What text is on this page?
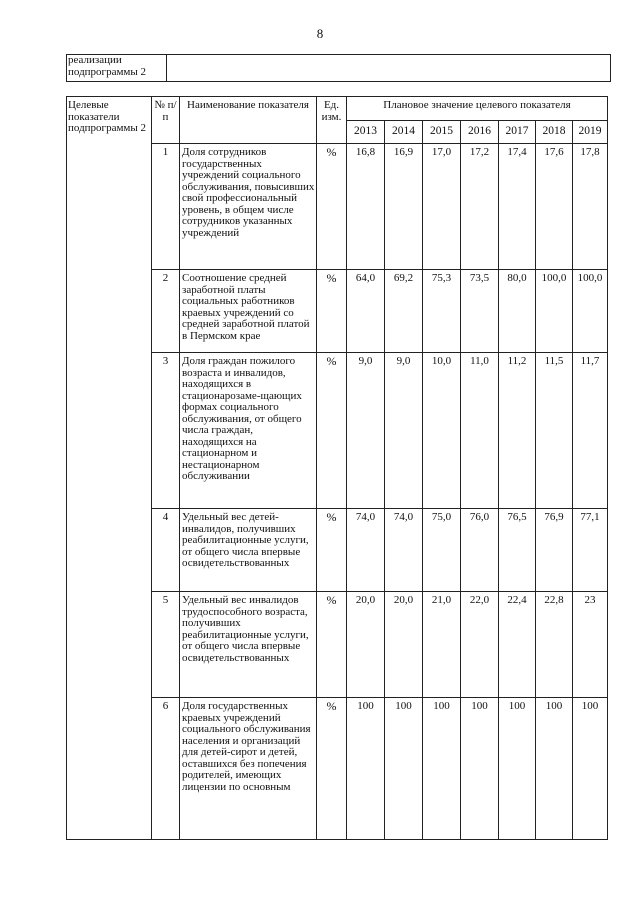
8
реализации подпрограммы 2	
Целевые показатели подпрограммы 2	№ п/п	Наименование показателя	Ед. изм.	Плановое значение целевого показателя						
				2013	2014	2015	2016	2017	2018	2019
	1	Доля сотрудников государственных учреждений социального обслуживания, повысивших свой профессиональный уровень, в общем числе сотрудников указанных учреждений	%	16,8	16,9	17,0	17,2	17,4	17,6	17,8
	2	Соотношение средней заработной платы социальных работников краевых учреждений со средней заработной платой в Пермском крае	%	64,0	69,2	75,3	73,5	80,0	100,0	100,0
	3	Доля граждан пожилого возраста и инвалидов, находящихся в стационарозаме-щающих формах социального обслуживания, от общего числа граждан, находящихся на стационарном и нестационарном обслуживании	%	9,0	9,0	10,0	11,0	11,2	11,5	11,7
	4	Удельный вес детей-инвалидов, получивших реабилитационные услуги, от общего числа впервые освидетельствованных	%	74,0	74,0	75,0	76,0	76,5	76,9	77,1
	5	Удельный вес инвалидов трудоспособного возраста, получивших реабилитационные услуги, от общего числа впервые освидетельствованных	%	20,0	20,0	21,0	22,0	22,4	22,8	23
	6	Доля государственных краевых учреждений социального обслуживания населения и организаций для детей-сирот и детей, оставшихся без попечения родителей, имеющих лицензии по основным	%	100	100	100	100	100	100	100
